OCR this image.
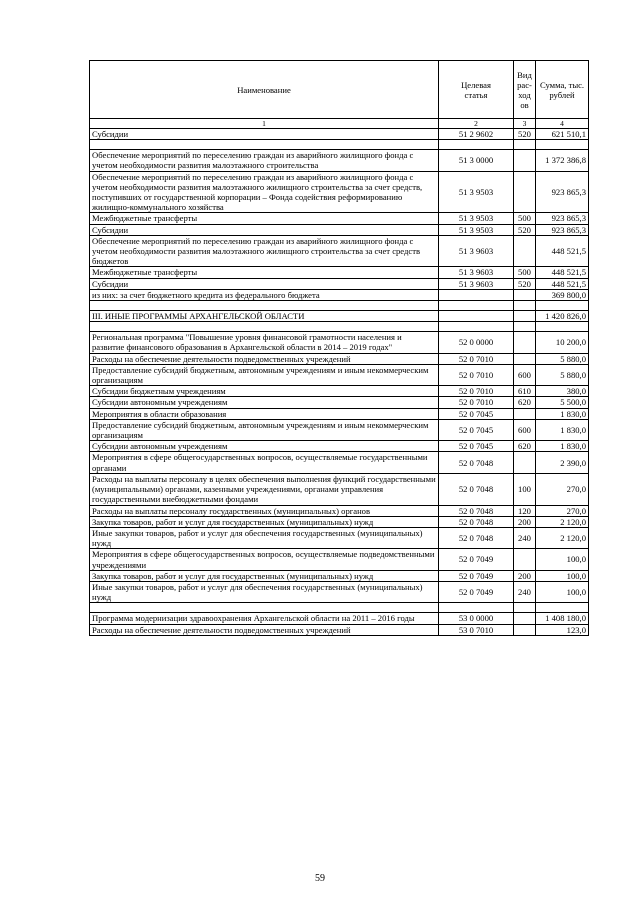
Наименование	Целевая статья	Вид рас-ходов	Сумма, тыс. рублей
1	2	3	4
Субсидии	51 2 9602	520	621 510,1

Обеспечение мероприятий по переселению граждан из аварийного жилищного фонда с учетом необходимости развития малоэтажного строительства	51 3 0000		1 372 386,8
Обеспечение мероприятий по переселению граждан из аварийного жилищного фонда с учетом необходимости развития малоэтажного жилищного строительства за счет средств, поступивших от государственной корпорации – Фонда содействия реформированию жилищно-коммунального хозяйства	51 3 9503		923 865,3
Межбюджетные трансферты	51 3 9503	500	923 865,3
Субсидии	51 3 9503	520	923 865,3
Обеспечение мероприятий по переселению граждан из аварийного жилищного фонда с учетом необходимости развития малоэтажного жилищного строительства за счет средств бюджетов	51 3 9603		448 521,5
Межбюджетные трансферты	51 3 9603	500	448 521,5
Субсидии	51 3 9603	520	448 521,5
из них: за счет бюджетного кредита из федерального бюджета			369 800,0

III. ИНЫЕ ПРОГРАММЫ АРХАНГЕЛЬСКОЙ ОБЛАСТИ			1 420 826,0

Региональная программа "Повышение уровня финансовой грамотности населения и развитие финансового образования в Архангельской области в 2014 – 2019 годах"	52 0 0000		10 200,0
Расходы на обеспечение деятельности подведомственных учреждений	52 0 7010		5 880,0
Предоставление субсидий бюджетным, автономным учреждениям и иным некоммерческим организациям	52 0 7010	600	5 880,0
Субсидии бюджетным учреждениям	52 0 7010	610	380,0
Субсидии автономным учреждениям	52 0 7010	620	5 500,0
Мероприятия в области образования	52 0 7045		1 830,0
Предоставление субсидий бюджетным, автономным учреждениям и иным некоммерческим организациям	52 0 7045	600	1 830,0
Субсидии автономным учреждениям	52 0 7045	620	1 830,0
Мероприятия в сфере общегосударственных вопросов, осуществляемые государственными органами	52 0 7048		2 390,0
Расходы на выплаты персоналу в целях обеспечения выполнения функций государственными (муниципальными) органами, казенными учреждениями, органами управления государственными внебюджетными фондами	52 0 7048	100	270,0
Расходы на выплаты персоналу государственных (муниципальных) органов	52 0 7048	120	270,0
Закупка товаров, работ и услуг для государственных (муниципальных) нужд	52 0 7048	200	2 120,0
Иные закупки товаров, работ и услуг для обеспечения государственных (муниципальных) нужд	52 0 7048	240	2 120,0
Мероприятия в сфере общегосударственных вопросов, осуществляемые подведомственными учреждениями	52 0 7049		100,0
Закупка товаров, работ и услуг для государственных (муниципальных) нужд	52 0 7049	200	100,0
Иные закупки товаров, работ и услуг для обеспечения государственных (муниципальных) нужд	52 0 7049	240	100,0

Программа модернизации здравоохранения Архангельской области на 2011 – 2016 годы	53 0 0000		1 408 180,0
Расходы на обеспечение деятельности подведомственных учреждений	53 0 7010		123,0
59
